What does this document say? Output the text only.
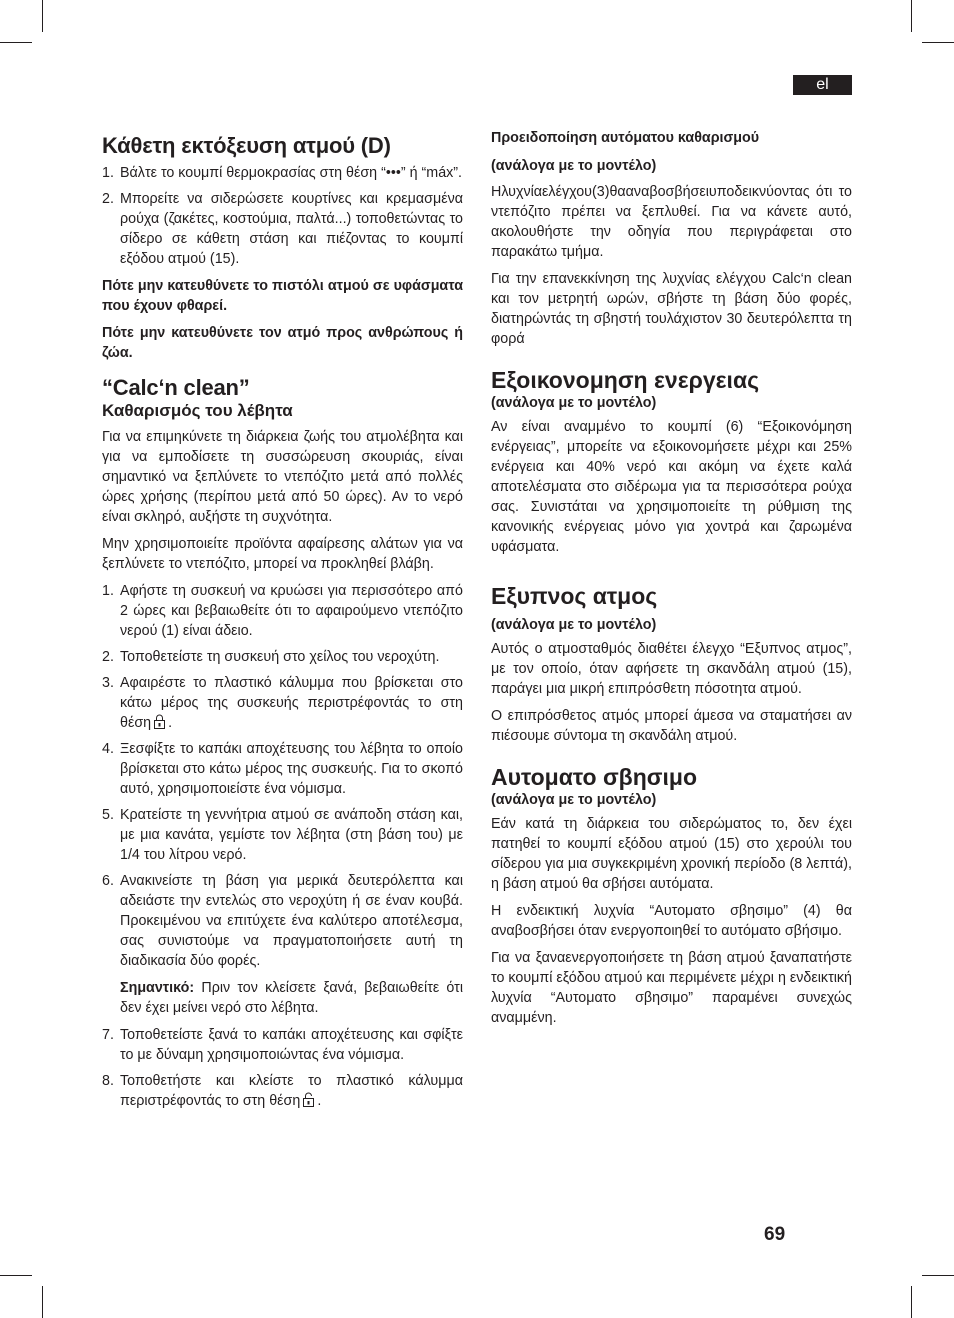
el
Κάθετη εκτόξευση ατμού (D)
1. Βάλτε το κουμπί θερμοκρασίας στη θέση “•••” ή “máx”.
2. Μπορείτε να σιδερώσετε κουρτίνες και κρεμασμένα ρούχα (ζακέτες, κοστούμια, παλτά...) τοποθετώντας το σίδερο σε κάθετη στάση και πιέζοντας το κουμπί εξόδου ατμού (15).

Πότε μην κατευθύνετε το πιστόλι ατμού σε υφάσματα που έχουν φθαρεί.

Πότε μην κατευθύνετε τον ατμό προς ανθρώπους ή ζώα.

“Calc‘n clean”
Καθαρισμός του λέβητα

Για να επιμηκύνετε τη διάρκεια ζωής του ατμολέβητα και για να εμποδίσετε τη συσσώρευση σκουριάς, είναι σημαντικό να ξεπλύνετε το ντεπόζιτο μετά από πολλές ώρες χρήσης (περίπου μετά από 50 ώρες). Αν το νερό είναι σκληρό, αυξήστε τη συχνότητα.

Μην χρησιμοποιείτε προϊόντα αφαίρεσης αλάτων για να ξεπλύνετε το ντεπόζιτο, μπορεί να προκληθεί βλάβη.

1. Αφήστε τη συσκευή να κρυώσει για περισσότερο από 2 ώρες και βεβαιωθείτε ότι το αφαιρούμενο ντεπόζιτο νερού (1) είναι άδειο.
2. Τοποθετείστε τη συσκευή στο χείλος του νεροχύτη.
3. Αφαιρέστε το πλαστικό κάλυμμα που βρίσκεται στο κάτω μέρος της συσκευής περιστρέφοντάς το στη θέση .
4. Ξεσφίξτε το καπάκι αποχέτευσης του λέβητα το οποίο βρίσκεται στο κάτω μέρος της συσκευής. Για το σκοπό αυτό, χρησιμοποιείστε ένα νόμισμα.
5. Κρατείστε τη γεννήτρια ατμού σε ανάποδη στάση και, με μια κανάτα, γεμίστε τον λέβητα (στη βάση του) με 1/4 του λίτρου νερό.
6. Ανακινείστε τη βάση για μερικά δευτερόλεπτα και αδειάστε την εντελώς στο νεροχύτη ή σε έναν κουβά. Προκειμένου να επιτύχετε ένα καλύτερο αποτέλεσμα, σας συνιστούμε να πραγματοποιήσετε αυτή τη διαδικασία δύο φορές.

Σημαντικό: Πριν τον κλείσετε ξανά, βεβαιωθείτε ότι δεν έχει μείνει νερό στο λέβητα.

7. Τοποθετείστε ξανά το καπάκι αποχέτευσης και σφίξτε το με δύναμη χρησιμοποιώντας ένα νόμισμα.
8. Τοποθετήστε και κλείστε το πλαστικό κάλυμμα περιστρέφοντάς το στη θέση .
Προειδοποίηση αυτόματου καθαρισμού
(ανάλογα με το μοντέλο)

Ηλυχνίαελέγχου(3)θααναβοσβήσειυποδεικνύοντας ότι το ντεπόζιτο πρέπει να ξεπλυθεί. Για να κάνετε αυτό, ακολουθήστε την οδηγία που περιγράφεται στο παρακάτω τμήμα.

Για την επανεκκίνηση της λυχνίας ελέγχου Calc‘n clean και τον μετρητή ωρών, σβήστε τη βάση δύο φορές, διατηρώντάς τη σβηστή τουλάχιστον 30 δευτερόλεπτα τη φορά

Εξοικονομηση ενεργειας
(ανάλογα με το μοντέλο)

Αν είναι αναμμένο το κουμπί (6) “Εξοικονόμηση ενέργειας”, μπορείτε να εξοικονομήσετε μέχρι και 25% ενέργεια και 40% νερό και ακόμη να έχετε καλά αποτελέσματα στο σιδέρωμα για τα περισσότερα ρούχα σας. Συνιστάται να χρησιμοποιείτε τη ρύθμιση της κανονικής ενέργειας μόνο για χοντρά και ζαρωμένα υφάσματα.

Εξυπνος ατμος
(ανάλογα με το μοντέλο)

Αυτός ο ατμοσταθμός διαθέτει έλεγχο “Εξυπνος ατμος”, με τον οποίο, όταν αφήσετε τη σκανδάλη ατμού (15), παράγει μια μικρή επιπρόσθετη πόσοτητα ατμού.

Ο επιπρόσθετος ατμός μπορεί άμεσα να σταματήσει αν πιέσουμε σύντομα τη σκανδάλη ατμού.

Αυτοματο σβησιμο
(ανάλογα με το μοντέλο)

Εάν κατά τη διάρκεια του σιδερώματος το, δεν έχει πατηθεί το κουμπί εξόδου ατμού (15) στο χερούλι του σίδερου για μια συγκεκριμένη χρονική περίοδο (8 λεπτά), η βάση ατμού θα σβήσει αυτόματα.

Η ενδεικτική λυχνία “Αυτοματο σβησιμο” (4) θα αναβοσβήσει όταν ενεργοποιηθεί το αυτόματο σβήσιμο.

Για να ξαναενεργοποιήσετε τη βάση ατμού ξαναπατήστε το κουμπί εξόδου ατμού και περιμένετε μέχρι η ενδεικτική λυχνία “Αυτοματο σβησιμο” παραμένει συνεχώς αναμμένη.

69
